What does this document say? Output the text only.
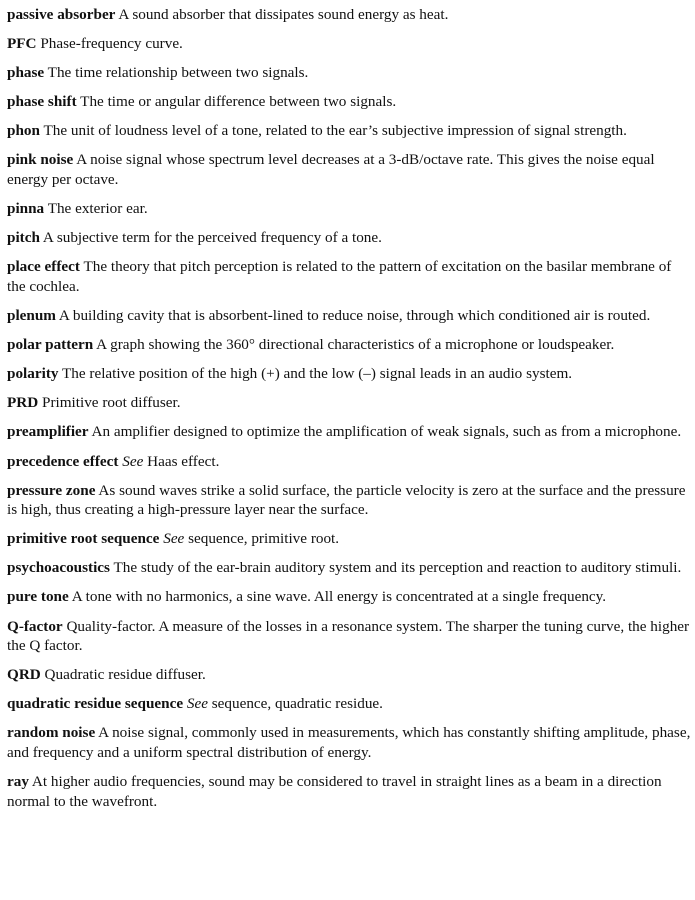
passive absorber A sound absorber that dissipates sound energy as heat.

PFC Phase-frequency curve.

phase The time relationship between two signals.

phase shift The time or angular difference between two signals.

phon The unit of loudness level of a tone, related to the ear’s subjective impression of signal strength.

pink noise A noise signal whose spectrum level decreases at a 3-dB/octave rate. This gives the noise equal energy per octave.

pinna The exterior ear.

pitch A subjective term for the perceived frequency of a tone.

place effect The theory that pitch perception is related to the pattern of excitation on the basilar membrane of the cochlea.

plenum A building cavity that is absorbent-lined to reduce noise, through which conditioned air is routed.

polar pattern A graph showing the 360° directional characteristics of a microphone or loudspeaker.

polarity The relative position of the high (+) and the low (–) signal leads in an audio system.

PRD Primitive root diffuser.

preamplifier An amplifier designed to optimize the amplification of weak signals, such as from a microphone.

precedence effect See Haas effect.

pressure zone As sound waves strike a solid surface, the particle velocity is zero at the surface and the pressure is high, thus creating a high-pressure layer near the surface.

primitive root sequence See sequence, primitive root.

psychoacoustics The study of the ear-brain auditory system and its perception and reaction to auditory stimuli.

pure tone A tone with no harmonics, a sine wave. All energy is concentrated at a single frequency.

Q-factor Quality-factor. A measure of the losses in a resonance system. The sharper the tuning curve, the higher the Q factor.

QRD Quadratic residue diffuser.

quadratic residue sequence See sequence, quadratic residue.

random noise A noise signal, commonly used in measurements, which has constantly shifting amplitude, phase, and frequency and a uniform spectral distribution of energy.

ray At higher audio frequencies, sound may be considered to travel in straight lines as a beam in a direction normal to the wavefront.
